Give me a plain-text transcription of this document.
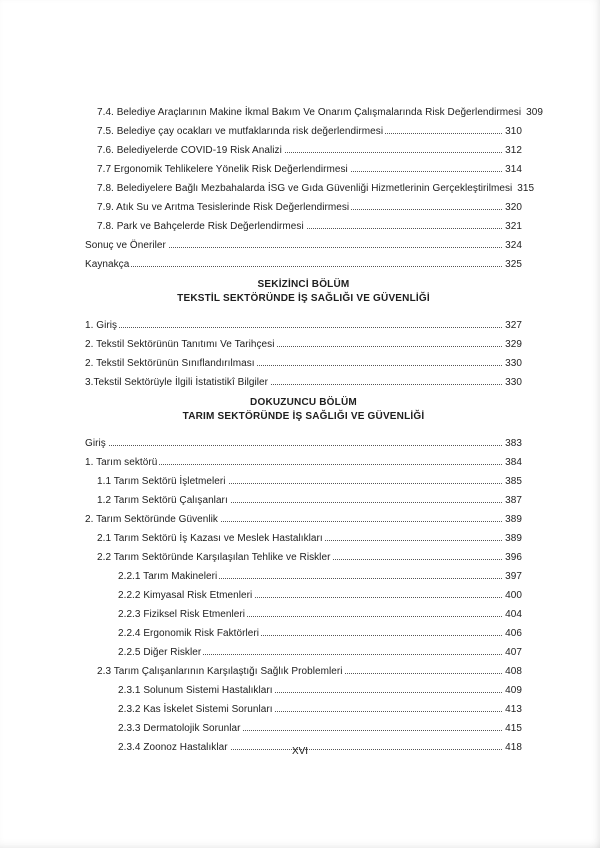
7.4. Belediye Araçlarının Makine İkmal Bakım Ve Onarım Çalışmalarında Risk Değerlendirmesi 309
7.5. Belediye çay ocakları ve mutfaklarında risk değerlendirmesi	310
7.6. Belediyelerde COVID-19 Risk Analizi	312
7.7 Ergonomik Tehlikelere Yönelik Risk Değerlendirmesi	314
7.8. Belediyelere Bağlı Mezbahalarda İSG ve Gıda Güvenliği Hizmetlerinin Gerçekleştirilmesi 315
7.9. Atık Su ve Arıtma Tesislerinde Risk Değerlendirmesi	320
7.8. Park ve Bahçelerde Risk Değerlendirmesi	321
Sonuç ve Öneriler	324
Kaynakça	325
SEKİZİNCİ BÖLÜM
TEKSTİL SEKTÖRÜNDE İŞ SAĞLIĞI VE GÜVENLİĞİ
1. Giriş	327
2. Tekstil Sektörünün Tanıtımı Ve Tarihçesi	329
2. Tekstil Sektörünün Sınıflandırılması	330
3.Tekstil Sektörüyle İlgili İstatistikî Bilgiler	330
DOKUZUNCU BÖLÜM
TARIM SEKTÖRÜNDE İŞ SAĞLIĞI VE GÜVENLİĞİ
Giriş	383
1. Tarım sektörü	384
1.1 Tarım Sektörü İşletmeleri	385
1.2 Tarım Sektörü Çalışanları	387
2. Tarım Sektöründe Güvenlik	389
2.1 Tarım Sektörü İş Kazası ve Meslek Hastalıkları	389
2.2 Tarım Sektöründe Karşılaşılan Tehlike ve Riskler	396
2.2.1 Tarım Makineleri	397
2.2.2 Kimyasal Risk Etmenleri	400
2.2.3 Fiziksel Risk Etmenleri	404
2.2.4 Ergonomik Risk Faktörleri	406
2.2.5 Diğer Riskler	407
2.3 Tarım Çalışanlarının Karşılaştığı Sağlık Problemleri	408
2.3.1 Solunum Sistemi Hastalıkları	409
2.3.2 Kas İskelet Sistemi Sorunları	413
2.3.3 Dermatolojik Sorunlar	415
2.3.4 Zoonoz Hastalıklar	418
XVI
